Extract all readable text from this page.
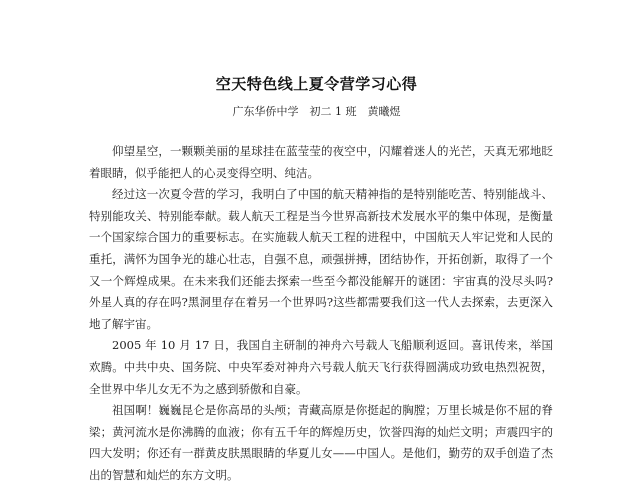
空天特色线上夏令营学习心得
广东华侨中学　初二 1 班　黄曦煜

仰望星空，一颗颗美丽的星球挂在蓝莹莹的夜空中，闪耀着迷人的光芒，天真无邪地眨着眼睛，似乎能把人的心灵变得空明、纯洁。

经过这一次夏令营的学习，我明白了中国的航天精神指的是特别能吃苦、特别能战斗、特别能攻关、特别能奉献。载人航天工程是当今世界高新技术发展水平的集中体现，是衡量一个国家综合国力的重要标志。在实施载人航天工程的进程中，中国航天人牢记党和人民的重托，满怀为国争光的雄心壮志，自强不息，顽强拼搏，团结协作，开拓创新，取得了一个又一个辉煌成果。在未来我们还能去探索一些至今都没能解开的谜团：宇宙真的没尽头吗?外星人真的存在吗?黑洞里存在着另一个世界吗?这些都需要我们这一代人去探索，去更深入地了解宇宙。

2005 年 10 月 17 日，我国自主研制的神舟六号载人飞船顺利返回。喜讯传来，举国欢腾。中共中央、国务院、中央军委对神舟六号载人航天飞行获得圆满成功致电热烈祝贺，全世界中华儿女无不为之感到骄傲和自豪。

祖国啊！巍巍昆仑是你高昂的头颅；青藏高原是你挺起的胸膛；万里长城是你不屈的脊梁；黄河流水是你沸腾的血液；你有五千年的辉煌历史，饮誉四海的灿烂文明；声震四宇的四大发明；你还有一群黄皮肤黑眼睛的华夏儿女——中国人。是他们，勤劳的双手创造了杰出的智慧和灿烂的东方文明。
